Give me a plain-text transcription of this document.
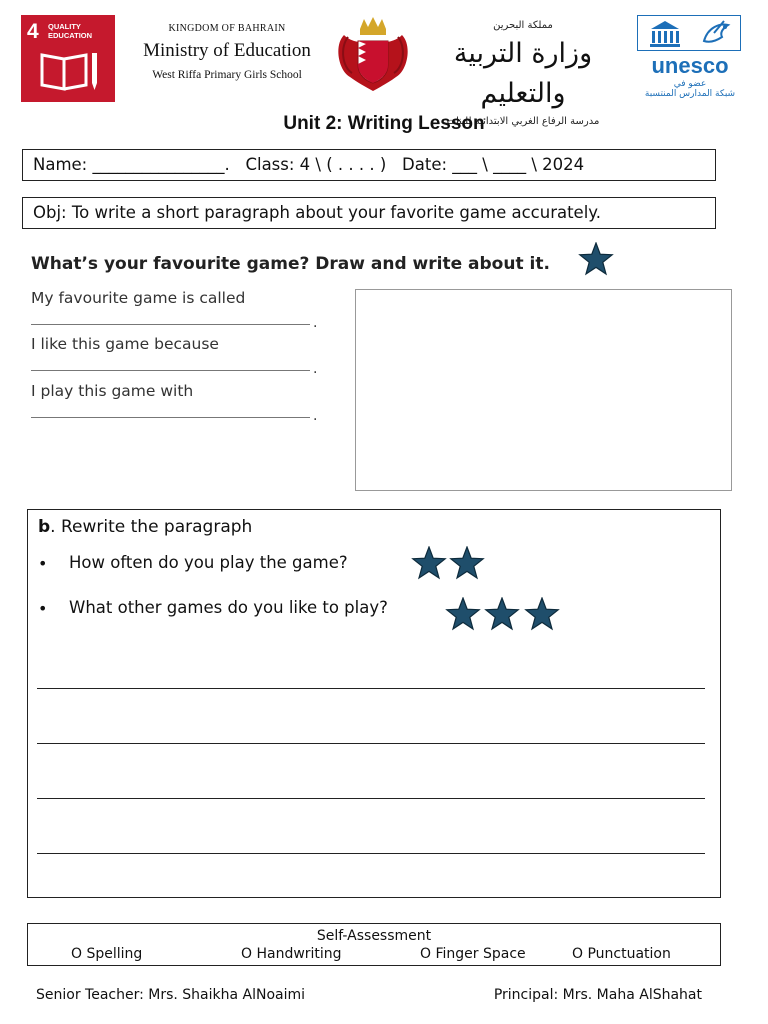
4 QUALITY EDUCATION
KINGDOM OF BAHRAIN
Ministry of Education
West Riffa Primary Girls School
مملكة البحرين
وزارة التربية والتعليم
مدرسة الرفاع الغربي الابتدائية للبنات
unesco
عضو في
شبكة المدارس المنتسبة
Unit 2: Writing Lesson
Name: ________________.   Class: 4 \ ( . . . . )   Date: ___ \ ____ \ 2024
Obj: To write a short paragraph about your favorite game accurately.
What’s your favourite game? Draw and write about it.
My favourite game is called
.
I like this game because
.
I play this game with
.
b. Rewrite the paragraph
• How often do you play the game?
• What other games do you like to play?
Self-Assessment
O Spelling	O Handwriting	O Finger Space	O Punctuation
Senior Teacher: Mrs. Shaikha AlNoaimi	Principal: Mrs. Maha AlShahat
